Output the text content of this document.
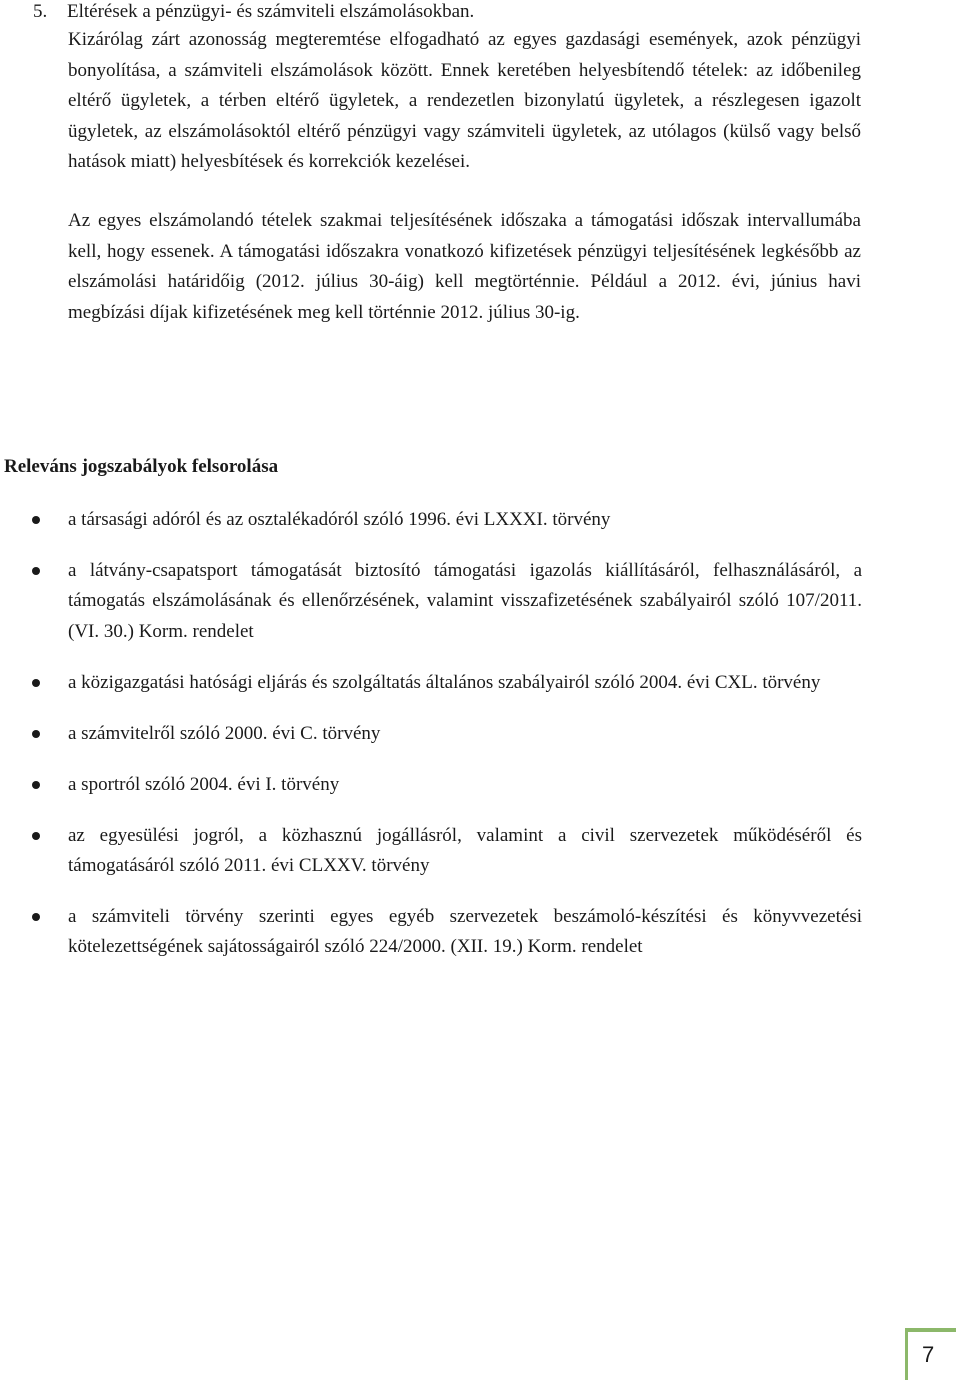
5. Eltérések a pénzügyi- és számviteli elszámolásokban.

Kizárólag zárt azonosság megteremtése elfogadható az egyes gazdasági események, azok pénzügyi bonyolítása, a számviteli elszámolások között. Ennek keretében helyesbítendő tételek: az időbenileg eltérő ügyletek, a térben eltérő ügyletek, a rendezetlen bizonylatú ügyletek, a részlegesen igazolt ügyletek, az elszámolásoktól eltérő pénzügyi vagy számviteli ügyletek, az utólagos (külső vagy belső hatások miatt) helyesbítések és korrekciók kezelései.

Az egyes elszámolandó tételek szakmai teljesítésének időszaka a támogatási időszak intervallumába kell, hogy essenek. A támogatási időszakra vonatkozó kifizetések pénzügyi teljesítésének legkésőbb az elszámolási határidőig (2012. július 30-áig) kell megtörténnie. Például a 2012. évi, június havi megbízási díjak kifizetésének meg kell történnie 2012. július 30-ig.

Releváns jogszabályok felsorolása
a társasági adóról és az osztalékadóról szóló 1996. évi LXXXI. törvény
a látvány-csapatsport támogatását biztosító támogatási igazolás kiállításáról, felhasználásáról, a támogatás elszámolásának és ellenőrzésének, valamint visszafizetésének szabályairól szóló 107/2011. (VI. 30.) Korm. rendelet
a közigazgatási hatósági eljárás és szolgáltatás általános szabályairól szóló 2004. évi CXL. törvény
a számvitelről szóló 2000. évi C. törvény
a sportról szóló 2004. évi I. törvény
az egyesülési jogról, a közhasznú jogállásról, valamint a civil szervezetek működéséről és támogatásáról szóló 2011. évi CLXXV. törvény
a számviteli törvény szerinti egyes egyéb szervezetek beszámoló-készítési és könyvvezetési kötelezettségének sajátosságairól szóló 224/2000. (XII. 19.) Korm. rendelet
7
